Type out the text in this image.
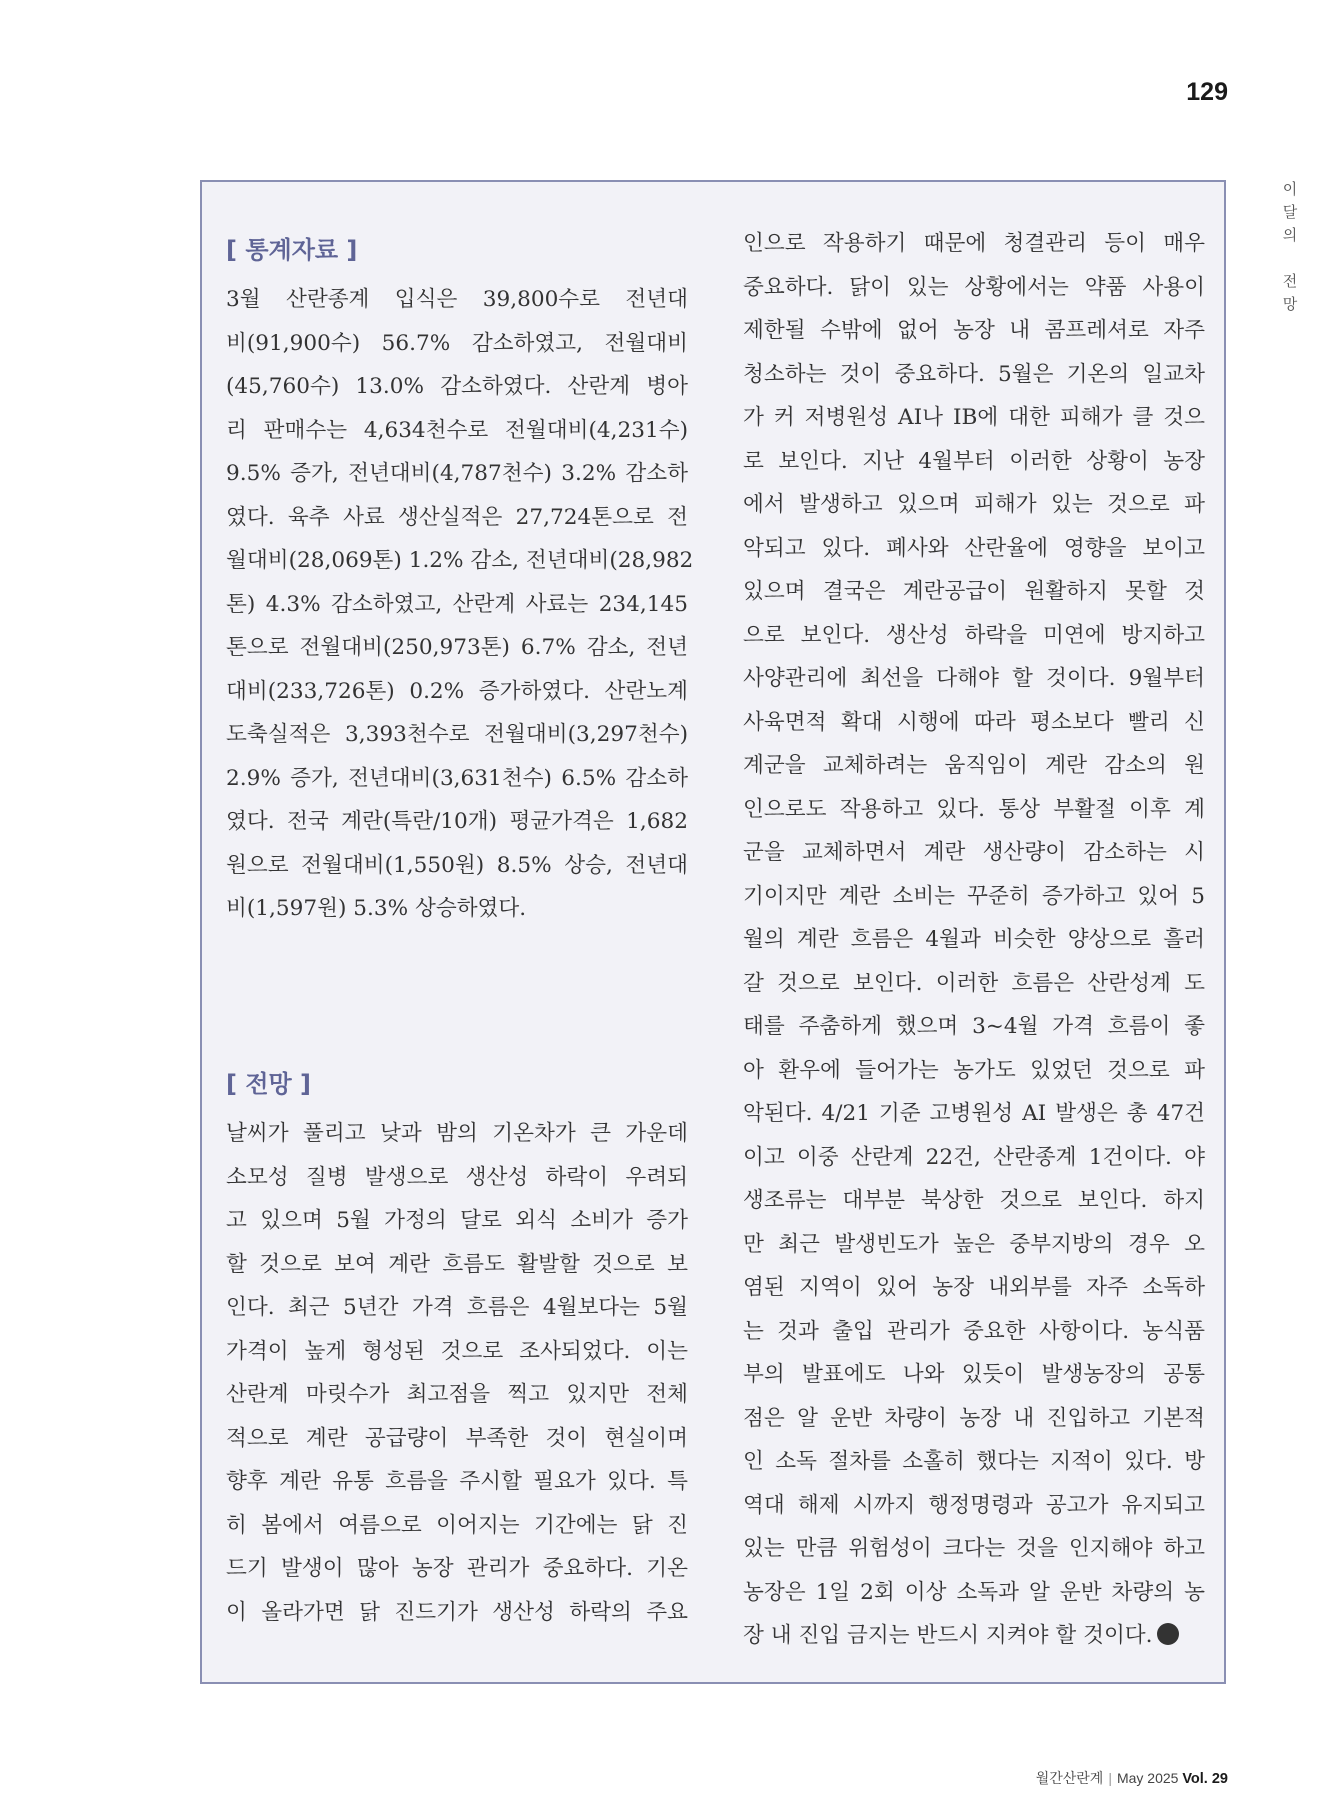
129
이
달
의

전
망
[ 통계자료 ]
3월 산란종계 입식은 39,800수로 전년대
비(91,900수) 56.7% 감소하였고, 전월대비
(45,760수) 13.0% 감소하였다. 산란계 병아
리 판매수는 4,634천수로 전월대비(4,231수)
9.5% 증가, 전년대비(4,787천수) 3.2% 감소하
였다. 육추 사료 생산실적은 27,724톤으로 전
월대비(28,069톤) 1.2% 감소, 전년대비(28,982
톤) 4.3% 감소하였고, 산란계 사료는 234,145
톤으로 전월대비(250,973톤) 6.7% 감소, 전년
대비(233,726톤) 0.2% 증가하였다. 산란노계
도축실적은 3,393천수로 전월대비(3,297천수)
2.9% 증가, 전년대비(3,631천수) 6.5% 감소하
였다. 전국 계란(특란/10개) 평균가격은 1,682
원으로 전월대비(1,550원) 8.5% 상승, 전년대
비(1,597원) 5.3% 상승하였다.
[ 전망 ]
날씨가 풀리고 낮과 밤의 기온차가 큰 가운데
소모성 질병 발생으로 생산성 하락이 우려되
고 있으며 5월 가정의 달로 외식 소비가 증가
할 것으로 보여 계란 흐름도 활발할 것으로 보
인다. 최근 5년간 가격 흐름은 4월보다는 5월
가격이 높게 형성된 것으로 조사되었다. 이는
산란계 마릿수가 최고점을 찍고 있지만 전체
적으로 계란 공급량이 부족한 것이 현실이며
향후 계란 유통 흐름을 주시할 필요가 있다. 특
히 봄에서 여름으로 이어지는 기간에는 닭 진
드기 발생이 많아 농장 관리가 중요하다. 기온
이 올라가면 닭 진드기가 생산성 하락의 주요
인으로 작용하기 때문에 청결관리 등이 매우
중요하다. 닭이 있는 상황에서는 약품 사용이
제한될 수밖에 없어 농장 내 콤프레셔로 자주
청소하는 것이 중요하다. 5월은 기온의 일교차
가 커 저병원성 AI나 IB에 대한 피해가 클 것으
로 보인다. 지난 4월부터 이러한 상황이 농장
에서 발생하고 있으며 피해가 있는 것으로 파
악되고 있다. 폐사와 산란율에 영향을 보이고
있으며 결국은 계란공급이 원활하지 못할 것
으로 보인다. 생산성 하락을 미연에 방지하고
사양관리에 최선을 다해야 할 것이다. 9월부터
사육면적 확대 시행에 따라 평소보다 빨리 신
계군을 교체하려는 움직임이 계란 감소의 원
인으로도 작용하고 있다. 통상 부활절 이후 계
군을 교체하면서 계란 생산량이 감소하는 시
기이지만 계란 소비는 꾸준히 증가하고 있어 5
월의 계란 흐름은 4월과 비슷한 양상으로 흘러
갈 것으로 보인다. 이러한 흐름은 산란성계 도
태를 주춤하게 했으며 3~4월 가격 흐름이 좋
아 환우에 들어가는 농가도 있었던 것으로 파
악된다. 4/21 기준 고병원성 AI 발생은 총 47건
이고 이중 산란계 22건, 산란종계 1건이다. 야
생조류는 대부분 북상한 것으로 보인다. 하지
만 최근 발생빈도가 높은 중부지방의 경우 오
염된 지역이 있어 농장 내외부를 자주 소독하
는 것과 출입 관리가 중요한 사항이다. 농식품
부의 발표에도 나와 있듯이 발생농장의 공통
점은 알 운반 차량이 농장 내 진입하고 기본적
인 소독 절차를 소홀히 했다는 지적이 있다. 방
역대 해제 시까지 행정명령과 공고가 유지되고
있는 만큼 위험성이 크다는 것을 인지해야 하고
농장은 1일 2회 이상 소독과 알 운반 차량의 농
장 내 진입 금지는 반드시 지켜야 할 것이다.
월간산란계 | May 2025 Vol. 29
